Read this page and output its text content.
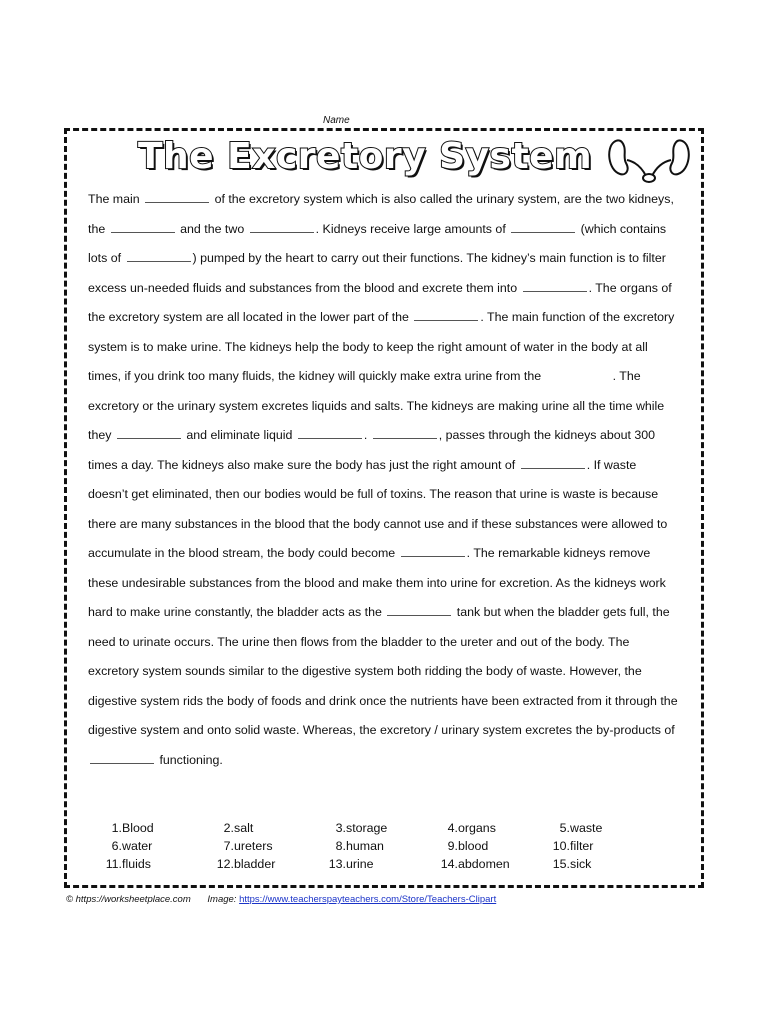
Name
The Excretory System
The main	of the excretory system which is also called the urinary system, are the two kidneys, the	and the two	. Kidneys receive large amounts of	(which contains lots of	) pumped by the heart to carry out their functions. The kidney’s main function is to filter excess un-needed fluids and substances from the blood and excrete them into	. The organs of the excretory system are all located in the lower part of the	. The main function of the excretory system is to make urine. The kidneys help the body to keep the right amount of water in the body at all times, if you drink too many fluids, the kidney will quickly make extra urine from the	. The excretory or the urinary system excretes liquids and salts. The kidneys are making urine all the time while they	and eliminate liquid	.	, passes through the kidneys about 300 times a day. The kidneys also make sure the body has just the right amount of	. If waste doesn’t get eliminated, then our bodies would be full of toxins. The reason that urine is waste is because there are many substances in the blood that the body cannot use and if these substances were allowed to accumulate in the blood stream, the body could become	. The remarkable kidneys remove these undesirable substances from the blood and make them into urine for excretion. As the kidneys work hard to make urine constantly, the bladder acts as the	tank but when the bladder gets full, the need to urinate occurs. The urine then flows from the bladder to the ureter and out of the body. The excretory system sounds similar to the digestive system both ridding the body of waste. However, the digestive system rids the body of foods and drink once the nutrients have been extracted from it through the digestive system and onto solid waste. Whereas, the excretory / urinary system excretes the by-products of  functioning.
1.Blood	2.salt	3.storage	4.organs	5.waste
6.water	7.ureters	8.human	9.blood	10.filter
11.fluids	12.bladder	13.urine	14.abdomen	15.sick
© https://worksheetplace.com Image: https://www.teacherspayteachers.com/Store/Teachers-Clipart
